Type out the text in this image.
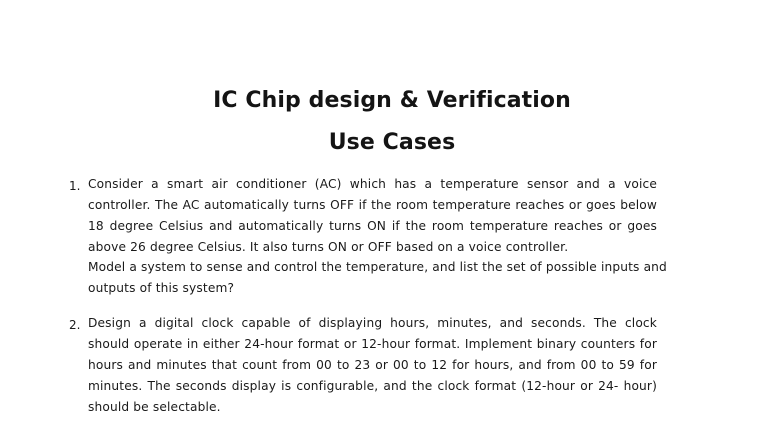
IC Chip design & Verification
Use Cases
1. Consider a smart air conditioner (AC) which has a temperature sensor and a voice
controller. The AC automatically turns OFF if the room temperature reaches or goes below
18 degree Celsius and automatically turns ON if the room temperature reaches or goes
above 26 degree Celsius. It also turns ON or OFF based on a voice controller.
Model a system to sense and control the temperature, and list the set of possible inputs and
outputs of this system?
2. Design a digital clock capable of displaying hours, minutes, and seconds. The clock
should operate in either 24-hour format or 12-hour format. Implement binary counters for
hours and minutes that count from 00 to 23 or 00 to 12 for hours, and from 00 to 59 for
minutes. The seconds display is configurable, and the clock format (12-hour or 24- hour)
should be selectable.
